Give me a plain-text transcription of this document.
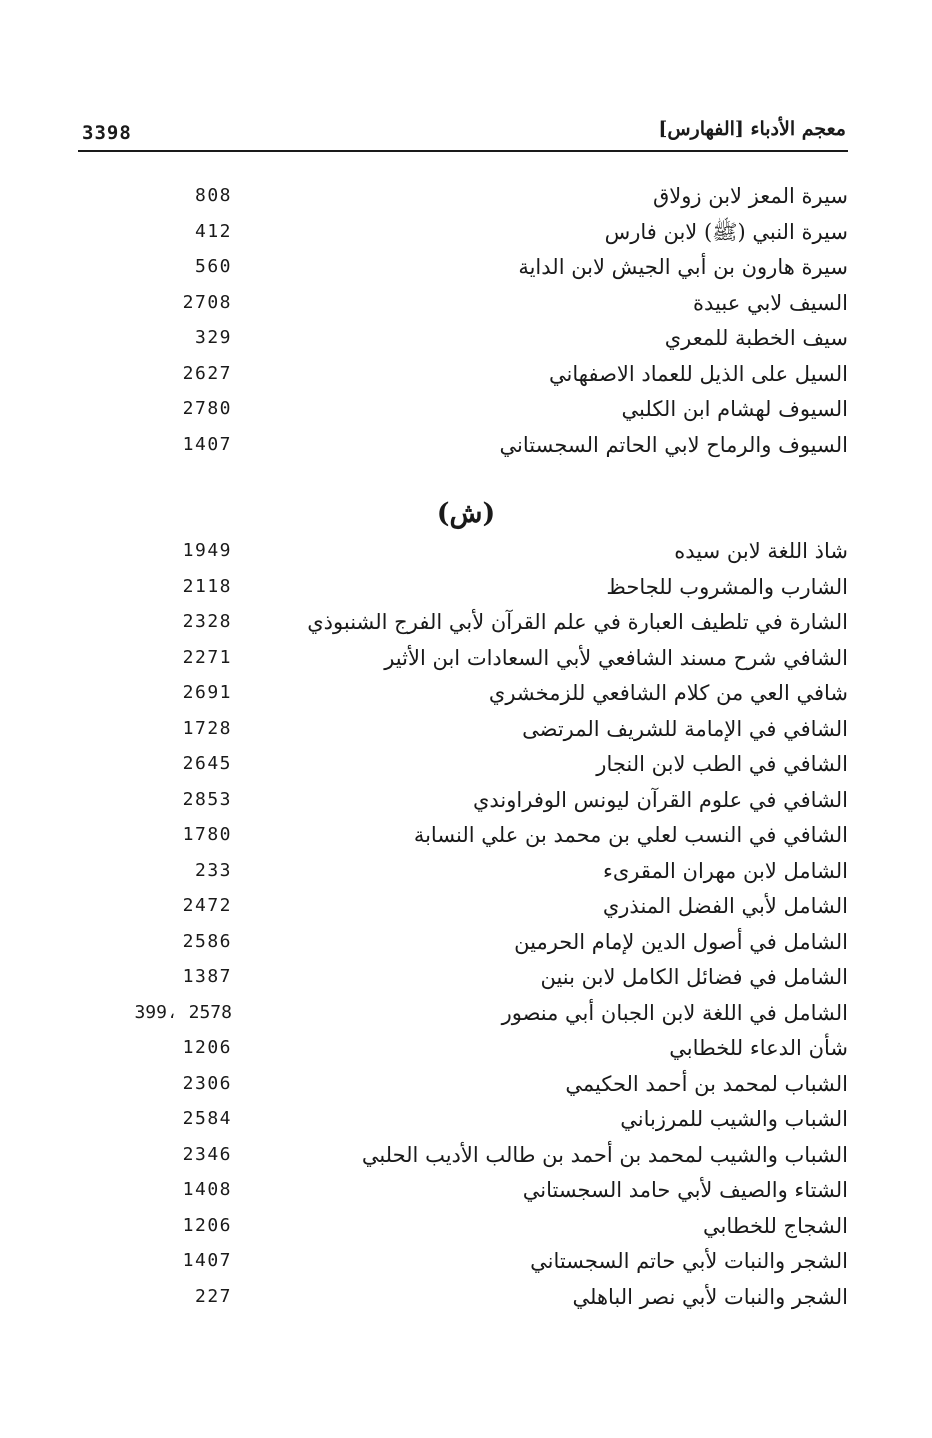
3398	معجم الأدباء [الفهارس]
سيرة المعز لابن زولاق
808
سيرة النبي (ﷺ) لابن فارس
412
سيرة هارون بن أبي الجيش لابن الداية
560
السيف لابي عبيدة
2708
سيف الخطبة للمعري
329
السيل على الذيل للعماد الاصفهاني
2627
السيوف لهشام ابن الكلبي
2780
السيوف والرماح لابي الحاتم السجستاني
1407
(ش)
شاذ اللغة لابن سيده
1949
الشارب والمشروب للجاحظ
2118
الشارة في تلطيف العبارة في علم القرآن لأبي الفرج الشنبوذي
2328
الشافي شرح مسند الشافعي لأبي السعادات ابن الأثير
2271
شافي العي من كلام الشافعي للزمخشري
2691
الشافي في الإمامة للشريف المرتضى
1728
الشافي في الطب لابن النجار
2645
الشافي في علوم القرآن ليونس الوفراوندي
2853
الشافي في النسب لعلي بن محمد بن علي النسابة
1780
الشامل لابن مهران المقرىء
233
الشامل لأبي الفضل المنذري
2472
الشامل في أصول الدين لإمام الحرمين
2586
الشامل في فضائل الكامل لابن بنين
1387
الشامل في اللغة لابن الجبان أبي منصور
399، 2578
شأن الدعاء للخطابي
1206
الشباب لمحمد بن أحمد الحكيمي
2306
الشباب والشيب للمرزباني
2584
الشباب والشيب لمحمد بن أحمد بن طالب الأديب الحلبي
2346
الشتاء والصيف لأبي حامد السجستاني
1408
الشجاج للخطابي
1206
الشجر والنبات لأبي حاتم السجستاني
1407
الشجر والنبات لأبي نصر الباهلي
227
